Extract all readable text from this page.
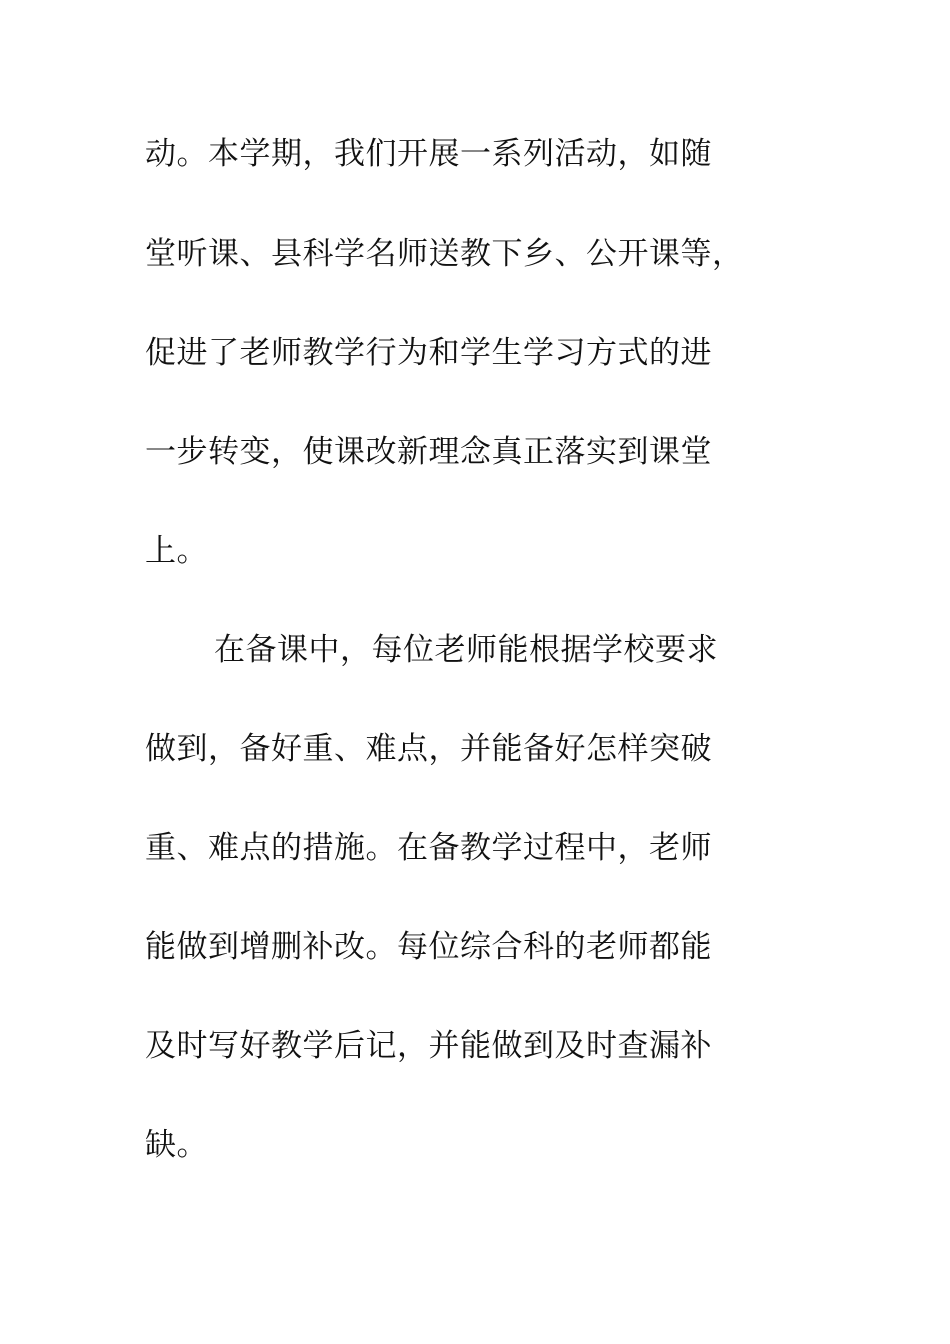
动。本学期，我们开展一系列活动，如随
堂听课、县科学名师送教下乡、公开课等，
促进了老师教学行为和学生学习方式的进
一步转变，使课改新理念真正落实到课堂
上。
在备课中，每位老师能根据学校要求
做到，备好重、难点，并能备好怎样突破
重、难点的措施。在备教学过程中，老师
能做到增删补改。每位综合科的老师都能
及时写好教学后记，并能做到及时查漏补
缺。
